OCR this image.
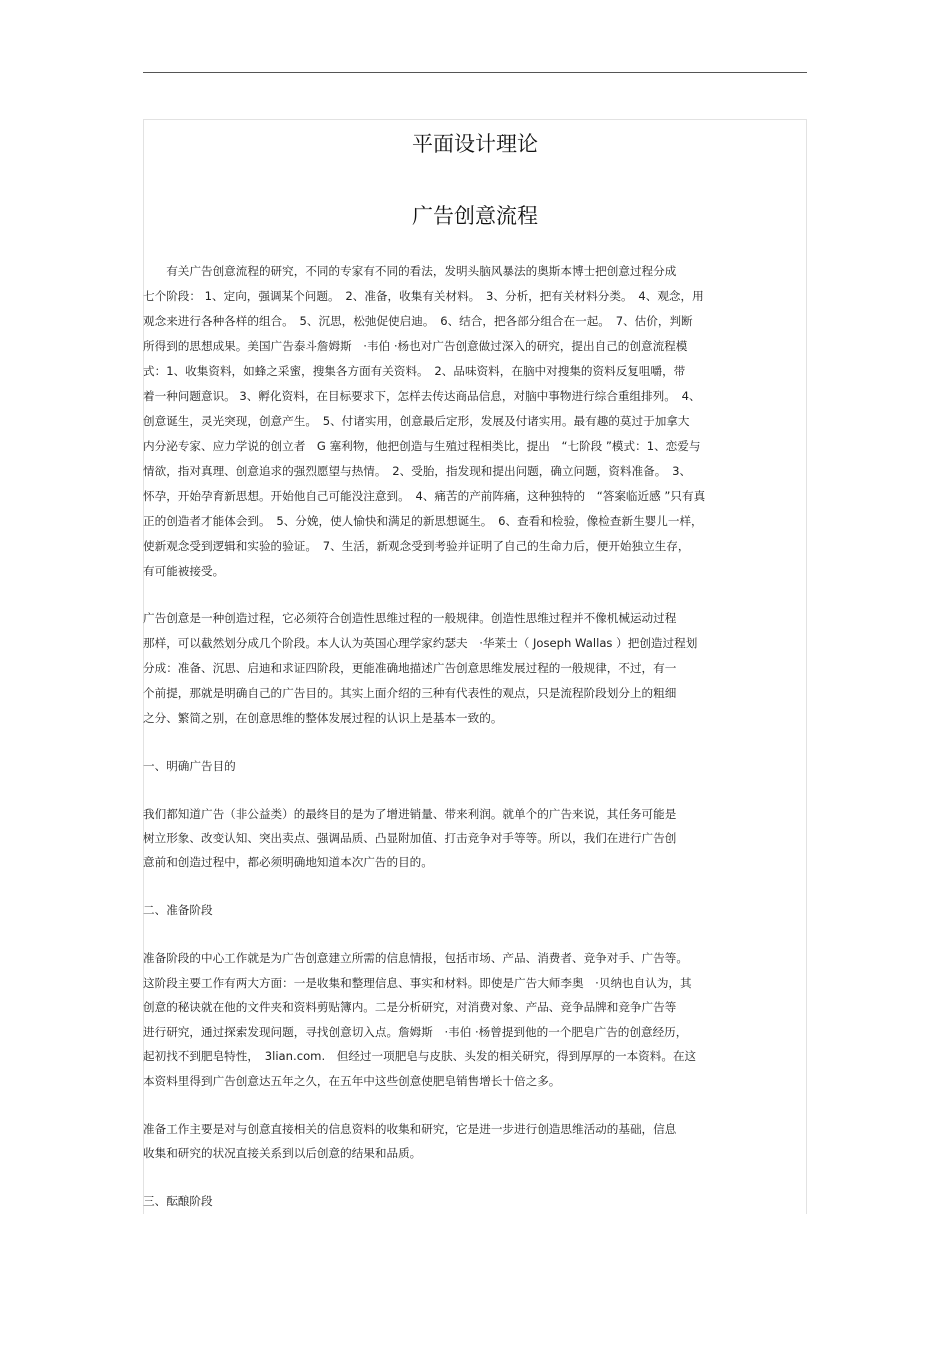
平面设计理论
广告创意流程
　　有关广告创意流程的研究，不同的专家有不同的看法，发明头脑风暴法的奥斯本博士把创意过程分成
七个阶段： 1、定向，强调某个问题。　2、准备，收集有关材料。　3、分析，把有关材料分类。　4、观念，用
观念来进行各种各样的组合。　5、沉思，松弛促使启迪。　6、结合，把各部分组合在一起。　7、估价，判断
所得到的思想成果。美国广告泰斗詹姆斯　·韦伯 ·杨也对广告创意做过深入的研究，提出自己的创意流程模
式：1、收集资料，如蜂之采蜜，搜集各方面有关资料。　2、品味资料，在脑中对搜集的资料反复咀嚼，带
着一种问题意识。 3、孵化资料，在目标要求下，怎样去传达商品信息，对脑中事物进行综合重组排列。　4、
创意诞生，灵光突现，创意产生。　5、付诸实用，创意最后定形，发展及付诸实用。最有趣的莫过于加拿大
内分泌专家、应力学说的创立者　G 塞利物，他把创造与生殖过程相类比，提出　“七阶段 ”模式：1、恋爱与
情欲，指对真理、创意追求的强烈愿望与热情。　2、受胎，指发现和提出问题，确立问题，资料准备。　3、
怀孕，开始孕育新思想。开始他自己可能没注意到。　4、痛苦的产前阵痛，这种独特的　“答案临近感 ”只有真
正的创造者才能体会到。　5、分娩，使人愉快和满足的新思想诞生。　6、查看和检验，像检查新生婴儿一样，
使新观念受到逻辑和实验的验证。　7、生活，新观念受到考验并证明了自己的生命力后，便开始独立生存，
有可能被接受。
广告创意是一种创造过程，它必须符合创造性思维过程的一般规律。创造性思维过程并不像机械运动过程
那样，可以截然划分成几个阶段。本人认为英国心理学家约瑟夫　·华莱士（ Joseph Wallas ）把创造过程划
分成：准备、沉思、启迪和求证四阶段，更能准确地描述广告创意思维发展过程的一般规律，不过，有一
个前提，那就是明确自己的广告目的。其实上面介绍的三种有代表性的观点，只是流程阶段划分上的粗细
之分、繁简之别，在创意思维的整体发展过程的认识上是基本一致的。
一、明确广告目的
我们都知道广告（非公益类）的最终目的是为了增进销量、带来利润。就单个的广告来说，其任务可能是
树立形象、改变认知、突出卖点、强调品质、凸显附加值、打击竞争对手等等。所以，我们在进行广告创
意前和创造过程中，都必须明确地知道本次广告的目的。
二、准备阶段
准备阶段的中心工作就是为广告创意建立所需的信息情报，包括市场、产品、消费者、竞争对手、广告等。
这阶段主要工作有两大方面：一是收集和整理信息、事实和材料。即使是广告大师李奥　·贝纳也自认为，其
创意的秘诀就在他的文件夹和资料剪贴簿内。二是分析研究，对消费对象、产品、竞争品牌和竞争广告等
进行研究，通过探索发现问题，寻找创意切入点。詹姆斯　·韦伯 ·杨曾提到他的一个肥皂广告的创意经历，
起初找不到肥皂特性，　3lian.com.　但经过一项肥皂与皮肤、头发的相关研究，得到厚厚的一本资料。在这
本资料里得到广告创意达五年之久，在五年中这些创意使肥皂销售增长十倍之多。
准备工作主要是对与创意直接相关的信息资料的收集和研究，它是进一步进行创造思维活动的基础，信息
收集和研究的状况直接关系到以后创意的结果和品质。
三、酝酿阶段
